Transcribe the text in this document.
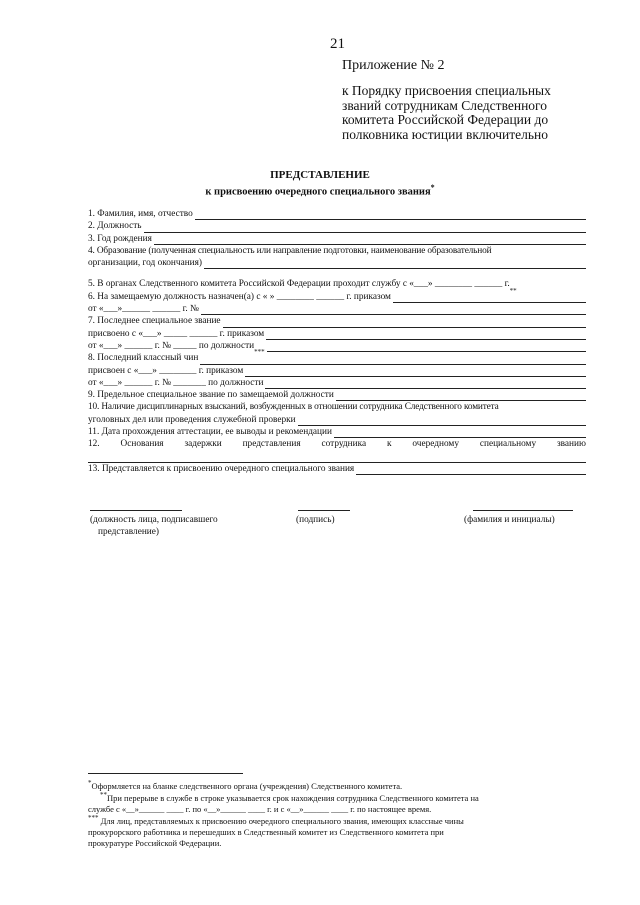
21
Приложение № 2
к Порядку присвоения специальных
званий сотрудникам Следственного
комитета Российской Федерации до
полковника юстиции включительно
ПРЕДСТАВЛЕНИЕ
к присвоению очередного специального звания*
1. Фамилия, имя, отчество
2. Должность
3. Год рождения
4. Образование (полученная специальность или направление подготовки, наименование образовательной
организации, год окончания)
5. В органах Следственного комитета Российской Федерации проходит службу с «___» ________ ______ г.
**
6. На замещаемую должность назначен(а) с « » ________ ______ г. приказом
от «___»______ ______ г. №
7. Последнее специальное звание
присвоено с «___» _____ ______ г. приказом
от «___» ______ г. № _____ по должности
***
8. Последний классный чин
присвоен с «___» ________ г. приказом
от «___» ______ г. № _______ по должности
9. Предельное специальное звание по замещаемой должности
10. Наличие дисциплинарных взысканий, возбужденных в отношении сотрудника Следственного комитета
уголовных дел или проведения служебной проверки
11. Дата прохождения аттестации, ее выводы и рекомендации
12. Основания задержки представления сотрудника к очередному специальному званию
13. Представляется к присвоению очередного специального звания
(должность лица, подписавшего
представление)
(подпись)	(фамилия и инициалы)
*Оформляется на бланке следственного органа (учреждения) Следственного комитета.
**При перерыве в службе в строке указывается срок нахождения сотрудника Следственного комитета на
службе с «__»______ ____ г. по «__»______ ____ г. и с «__»______ ____ г. по настоящее время.
*** Для лиц, представляемых к присвоению очередного специального звания, имеющих классные чины
прокурорского работника и перешедших в Следственный комитет из Следственного комитета при
прокуратуре Российской Федерации.
